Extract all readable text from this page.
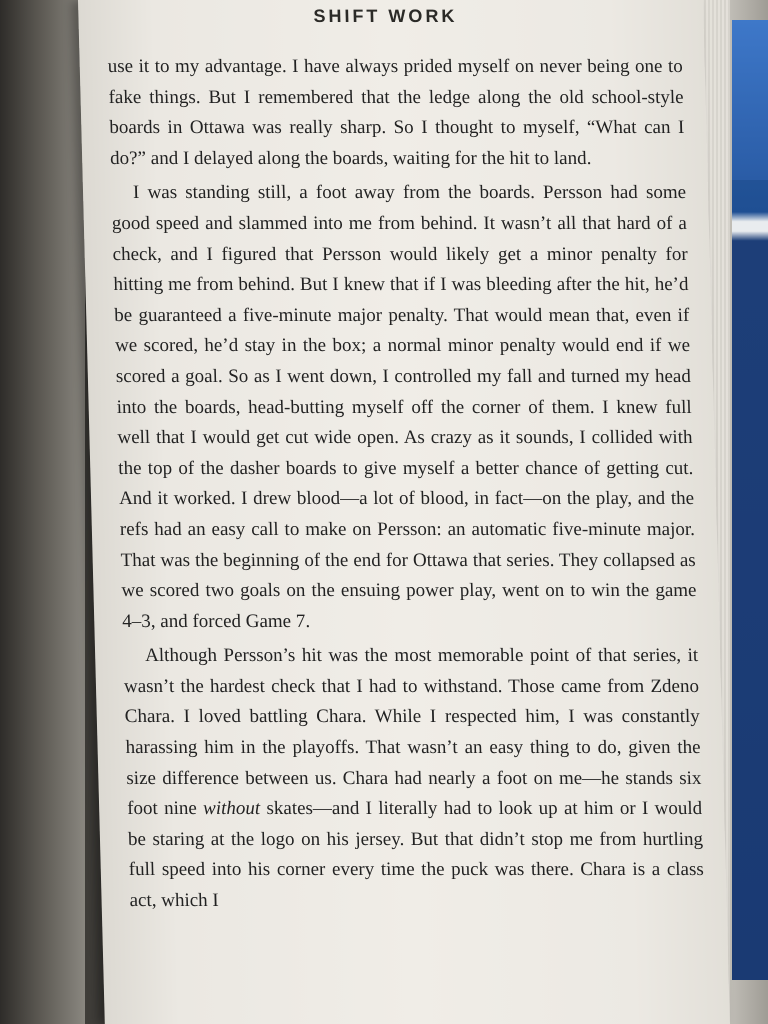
SHIFT WORK

use it to my advantage. I have always prided myself on never being one to fake things. But I remembered that the ledge along the old school-style boards in Ottawa was really sharp. So I thought to myself, “What can I do?” and I delayed along the boards, waiting for the hit to land.

I was standing still, a foot away from the boards. Persson had some good speed and slammed into me from behind. It wasn’t all that hard of a check, and I figured that Persson would likely get a minor penalty for hitting me from behind. But I knew that if I was bleeding after the hit, he’d be guaranteed a five-minute major penalty. That would mean that, even if we scored, he’d stay in the box; a normal minor penalty would end if we scored a goal. So as I went down, I controlled my fall and turned my head into the boards, head-butting myself off the corner of them. I knew full well that I would get cut wide open. As crazy as it sounds, I collided with the top of the dasher boards to give myself a better chance of getting cut. And it worked. I drew blood—a lot of blood, in fact—on the play, and the refs had an easy call to make on Persson: an automatic five-minute major. That was the beginning of the end for Ottawa that series. They collapsed as we scored two goals on the ensuing power play, went on to win the game 4–3, and forced Game 7.

Although Persson’s hit was the most memorable point of that series, it wasn’t the hardest check that I had to withstand. Those came from Zdeno Chara. I loved battling Chara. While I respected him, I was constantly harassing him in the playoffs. That wasn’t an easy thing to do, given the size difference between us. Chara had nearly a foot on me—he stands six foot nine without skates—and I literally had to look up at him or I would be staring at the logo on his jersey. But that didn’t stop me from hurtling full speed into his corner every time the puck was there. Chara is a class act, which I
